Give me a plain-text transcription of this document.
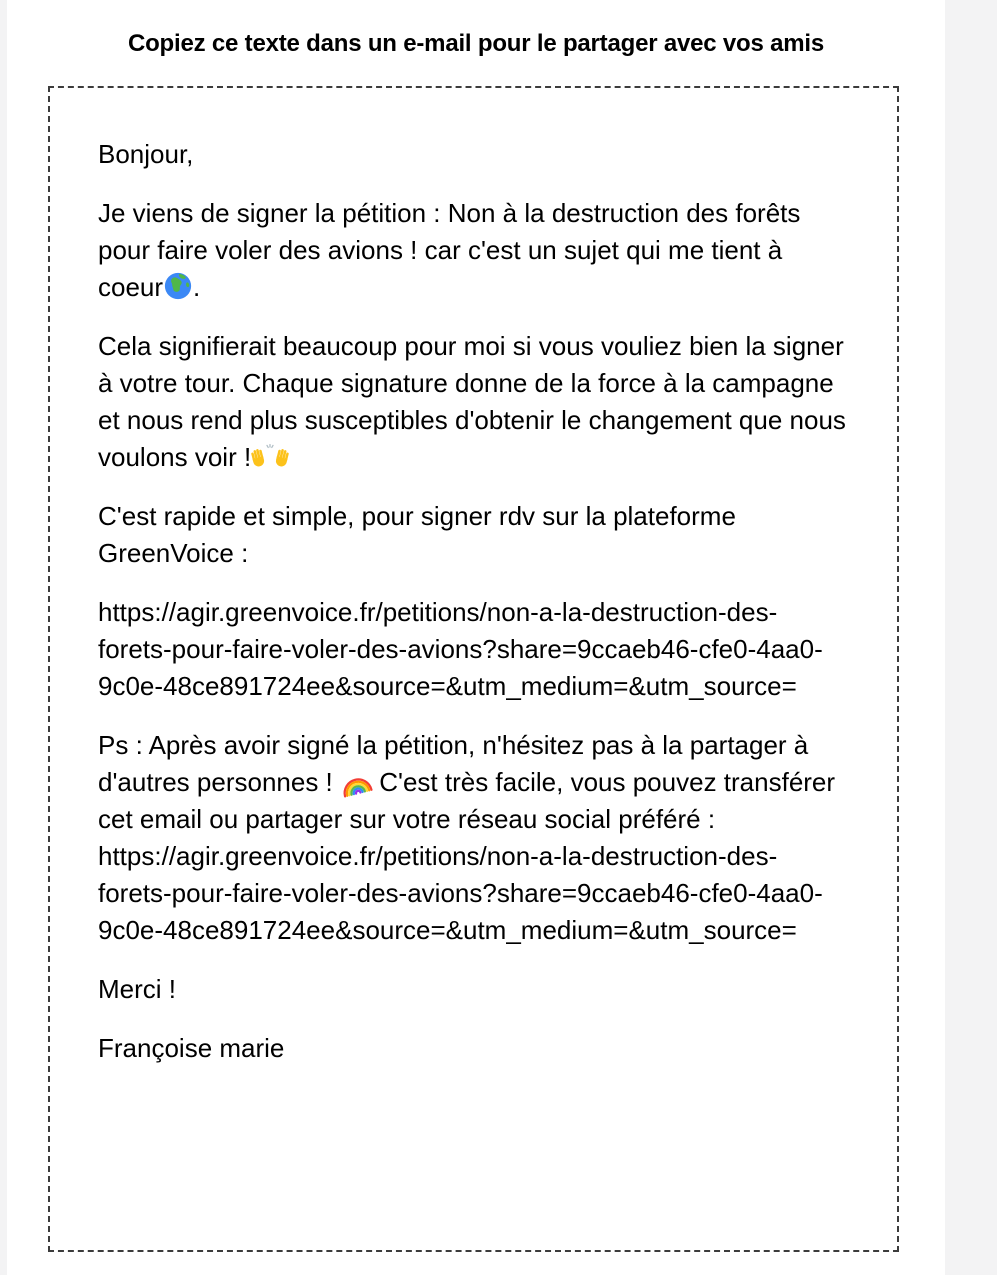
Copiez ce texte dans un e-mail pour le partager avec vos amis

Bonjour,

Je viens de signer la pétition : Non à la destruction des forêts pour faire voler des avions ! car c'est un sujet qui me tient à coeur .

Cela signifierait beaucoup pour moi si vous vouliez bien la signer à votre tour. Chaque signature donne de la force à la campagne et nous rend plus susceptibles d'obtenir le changement que nous voulons voir !

C'est rapide et simple, pour signer rdv sur la plateforme GreenVoice :

https://agir.greenvoice.fr/petitions/non-a-la-destruction-des-forets-pour-faire-voler-des-avions?share=9ccaeb46-cfe0-4aa0-9c0e-48ce891724ee&source=&utm_medium=&utm_source=

Ps : Après avoir signé la pétition, n'hésitez pas à la partager à d'autres personnes !  C'est très facile, vous pouvez transférer cet email ou partager sur votre réseau social préféré :
https://agir.greenvoice.fr/petitions/non-a-la-destruction-des-forets-pour-faire-voler-des-avions?share=9ccaeb46-cfe0-4aa0-9c0e-48ce891724ee&source=&utm_medium=&utm_source=

Merci !

Françoise marie
